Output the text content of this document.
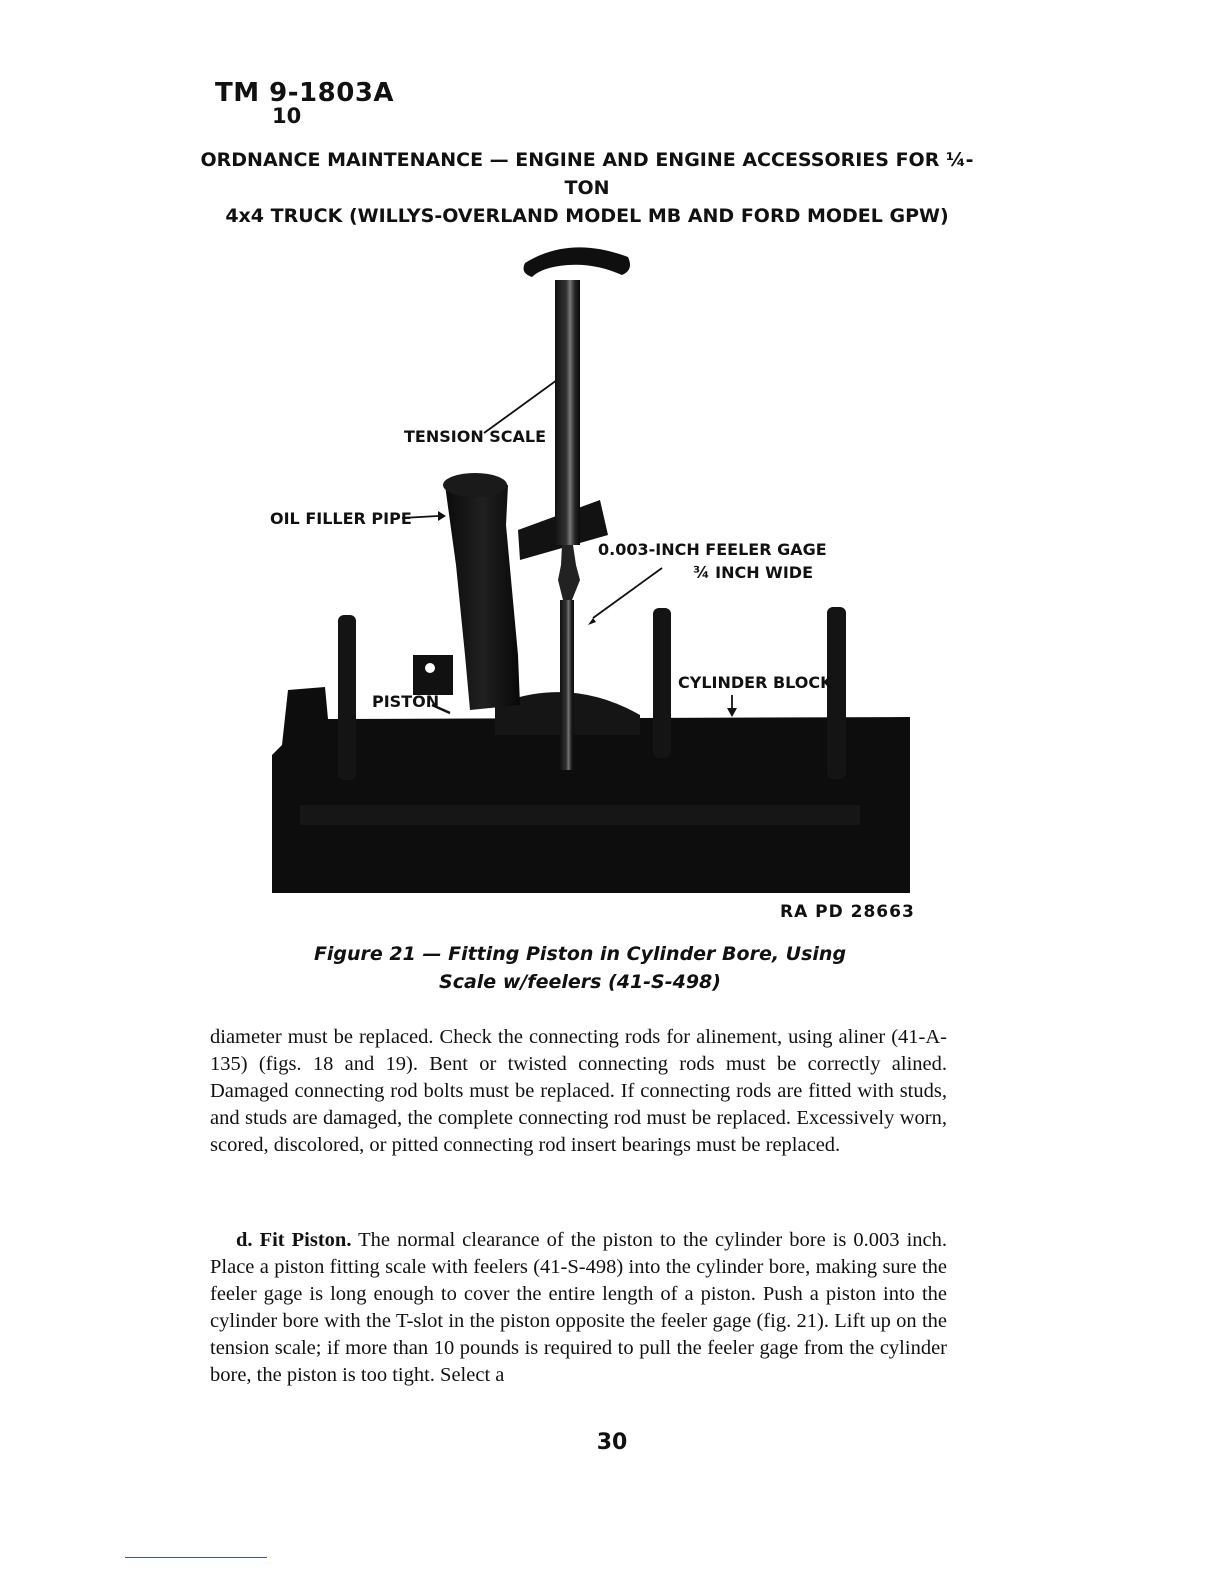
TM 9-1803A
10
ORDNANCE MAINTENANCE — ENGINE AND ENGINE ACCESSORIES FOR ¼-TON
4x4 TRUCK (WILLYS-OVERLAND MODEL MB AND FORD MODEL GPW)
TENSION SCALE
OIL FILLER PIPE
0.003-INCH FEELER GAGE
¾ INCH WIDE
CYLINDER BLOCK
PISTON
RA PD 28663
Figure 21 — Fitting Piston in Cylinder Bore, Using
Scale w/feelers (41-S-498)
diameter must be replaced. Check the connecting rods for alinement, using aliner (41-A-135) (figs. 18 and 19). Bent or twisted connecting rods must be correctly alined. Damaged connecting rod bolts must be replaced. If connecting rods are fitted with studs, and studs are damaged, the complete connecting rod must be replaced. Excessively worn, scored, discolored, or pitted connecting rod insert bearings must be replaced.
d. Fit Piston. The normal clearance of the piston to the cylinder bore is 0.003 inch. Place a piston fitting scale with feelers (41-S-498) into the cylinder bore, making sure the feeler gage is long enough to cover the entire length of a piston. Push a piston into the cylinder bore with the T-slot in the piston opposite the feeler gage (fig. 21). Lift up on the tension scale; if more than 10 pounds is required to pull the feeler gage from the cylinder bore, the piston is too tight. Select a
30
